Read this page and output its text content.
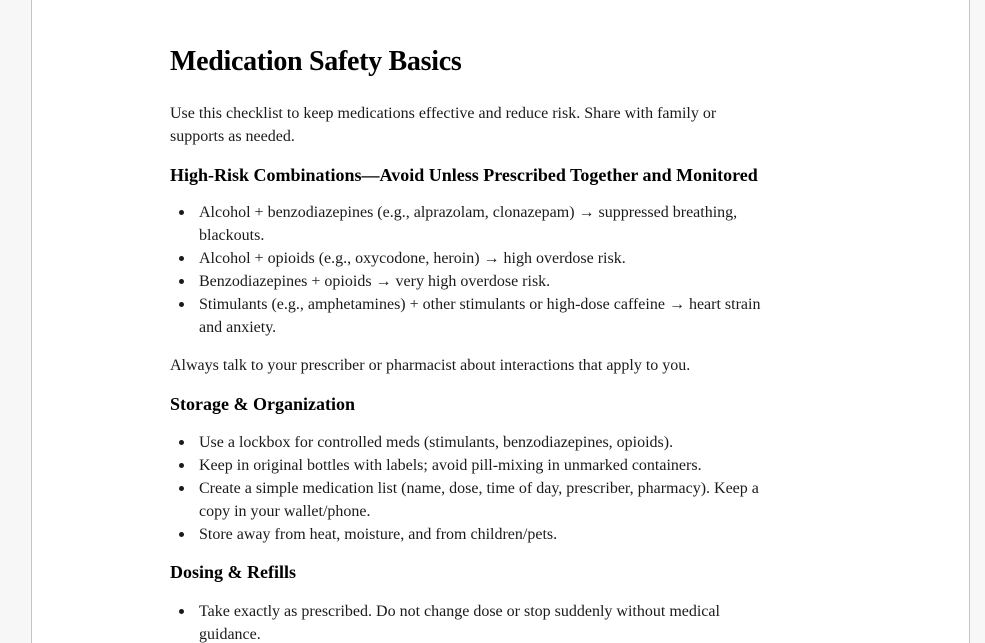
Medication Safety Basics

Use this checklist to keep medications effective and reduce risk. Share with family or
supports as needed.

High-Risk Combinations—Avoid Unless Prescribed Together and Monitored
Alcohol + benzodiazepines (e.g., alprazolam, clonazepam) → suppressed breathing,
blackouts.
Alcohol + opioids (e.g., oxycodone, heroin) → high overdose risk.
Benzodiazepines + opioids → very high overdose risk.
Stimulants (e.g., amphetamines) + other stimulants or high-dose caffeine → heart strain
and anxiety.

Always talk to your prescriber or pharmacist about interactions that apply to you.

Storage & Organization
Use a lockbox for controlled meds (stimulants, benzodiazepines, opioids).
Keep in original bottles with labels; avoid pill-mixing in unmarked containers.
Create a simple medication list (name, dose, time of day, prescriber, pharmacy). Keep a
copy in your wallet/phone.
Store away from heat, moisture, and from children/pets.
Dosing & Refills
Take exactly as prescribed. Do not change dose or stop suddenly without medical
guidance.
